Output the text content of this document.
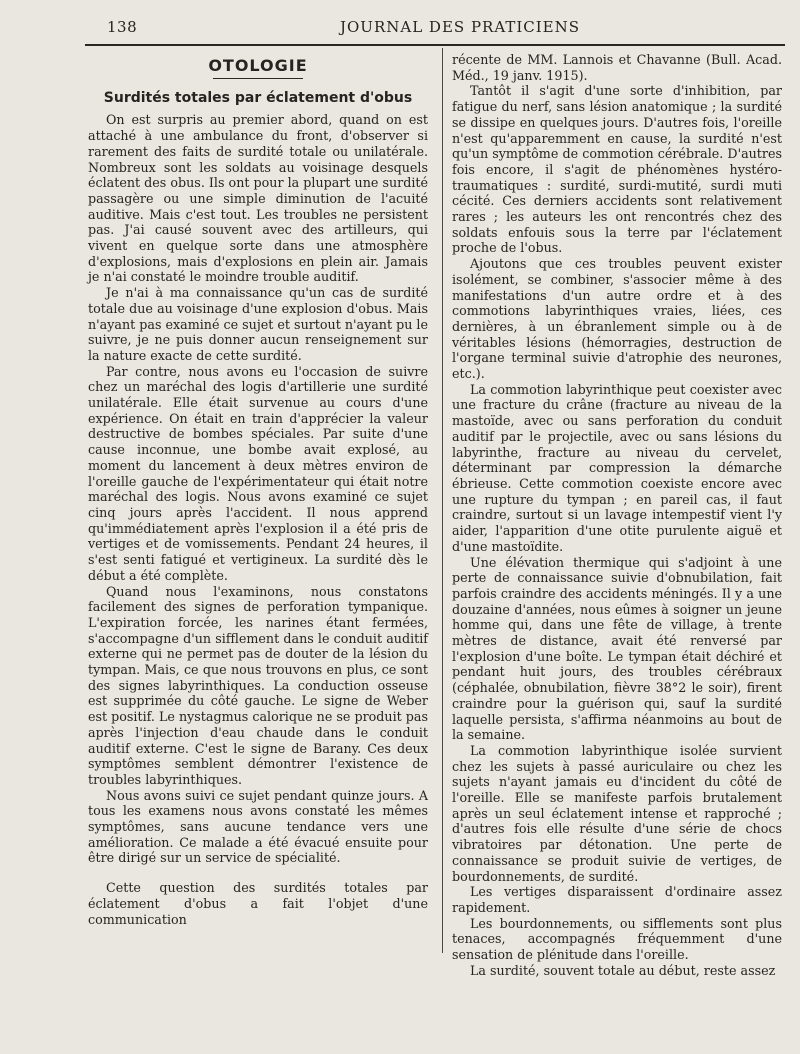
138	JOURNAL DES PRATICIENS
OTOLOGIE
Surdités totales par éclatement d'obus

On est surpris au premier abord, quand on est attaché à une ambulance du front, d'observer si rarement des faits de surdité totale ou unilatérale. Nombreux sont les soldats au voisinage desquels éclatent des obus. Ils ont pour la plupart une surdité passagère ou une simple diminution de l'acuité auditive. Mais c'est tout. Les troubles ne persistent pas. J'ai causé souvent avec des artilleurs, qui vivent en quelque sorte dans une atmosphère d'explosions, mais d'explosions en plein air. Jamais je n'ai constaté le moindre trouble auditif.

Je n'ai à ma connaissance qu'un cas de surdité totale due au voisinage d'une explosion d'obus. Mais n'ayant pas examiné ce sujet et surtout n'ayant pu le suivre, je ne puis donner aucun renseignement sur la nature exacte de cette surdité.

Par contre, nous avons eu l'occasion de suivre chez un maréchal des logis d'artillerie une surdité unilatérale. Elle était survenue au cours d'une expérience. On était en train d'apprécier la valeur destructive de bombes spéciales. Par suite d'une cause inconnue, une bombe avait explosé, au moment du lancement à deux mètres environ de l'oreille gauche de l'expérimentateur qui était notre maréchal des logis. Nous avons examiné ce sujet cinq jours après l'accident. Il nous apprend qu'immédiatement après l'explosion il a été pris de vertiges et de vomissements. Pendant 24 heures, il s'est senti fatigué et vertigineux. La surdité dès le début a été complète.

Quand nous l'examinons, nous constatons facilement des signes de perforation tympanique. L'expiration forcée, les narines étant fermées, s'accompagne d'un sifflement dans le conduit auditif externe qui ne permet pas de douter de la lésion du tympan. Mais, ce que nous trouvons en plus, ce sont des signes labyrinthiques. La conduction osseuse est supprimée du côté gauche. Le signe de Weber est positif. Le nystagmus calorique ne se produit pas après l'injection d'eau chaude dans le conduit auditif externe. C'est le signe de Barany. Ces deux symptômes semblent démontrer l'existence de troubles labyrinthiques.

Nous avons suivi ce sujet pendant quinze jours. A tous les examens nous avons constaté les mêmes symptômes, sans aucune tendance vers une amélioration. Ce malade a été évacué ensuite pour être dirigé sur un service de spécialité.

Cette question des surdités totales par éclatement d'obus a fait l'objet d'une communication

récente de MM. Lannois et Chavanne (Bull. Acad. Méd., 19 janv. 1915).

Tantôt il s'agit d'une sorte d'inhibition, par fatigue du nerf, sans lésion anatomique ; la surdité se dissipe en quelques jours. D'autres fois, l'oreille n'est qu'apparemment en cause, la surdité n'est qu'un symptôme de commotion cérébrale. D'autres fois encore, il s'agit de phénomènes hystéro-traumatiques : surdité, surdi-mutité, surdi muti cécité. Ces derniers accidents sont relativement rares ; les auteurs les ont rencontrés chez des soldats enfouis sous la terre par l'éclatement proche de l'obus.

Ajoutons que ces troubles peuvent exister isolément, se combiner, s'associer même à des manifestations d'un autre ordre et à des commotions labyrinthiques vraies, liées, ces dernières, à un ébranlement simple ou à de véritables lésions (hémorragies, destruction de l'organe terminal suivie d'atrophie des neurones, etc.).

La commotion labyrinthique peut coexister avec une fracture du crâne (fracture au niveau de la mastoïde, avec ou sans perforation du conduit auditif par le projectile, avec ou sans lésions du labyrinthe, fracture au niveau du cervelet, déterminant par compression la démarche ébrieuse. Cette commotion coexiste encore avec une rupture du tympan ; en pareil cas, il faut craindre, surtout si un lavage intempestif vient l'y aider, l'apparition d'une otite purulente aiguë et d'une mastoïdite.

Une élévation thermique qui s'adjoint à une perte de connaissance suivie d'obnubilation, fait parfois craindre des accidents méningés. Il y a une douzaine d'années, nous eûmes à soigner un jeune homme qui, dans une fête de village, à trente mètres de distance, avait été renversé par l'explosion d'une boîte. Le tympan était déchiré et pendant huit jours, des troubles cérébraux (céphalée, obnubilation, fièvre 38°2 le soir), firent craindre pour la guérison qui, sauf la surdité laquelle persista, s'affirma néanmoins au bout de la semaine.

La commotion labyrinthique isolée survient chez les sujets à passé auriculaire ou chez les sujets n'ayant jamais eu d'incident du côté de l'oreille. Elle se manifeste parfois brutalement après un seul éclatement intense et rapproché ; d'autres fois elle résulte d'une série de chocs vibratoires par détonation. Une perte de connaissance se produit suivie de vertiges, de bourdonnements, de surdité.

Les vertiges disparaissent d'ordinaire assez rapidement.

Les bourdonnements, ou sifflements sont plus tenaces, accompagnés fréquemment d'une sensation de plénitude dans l'oreille.

La surdité, souvent totale au début, reste assez
